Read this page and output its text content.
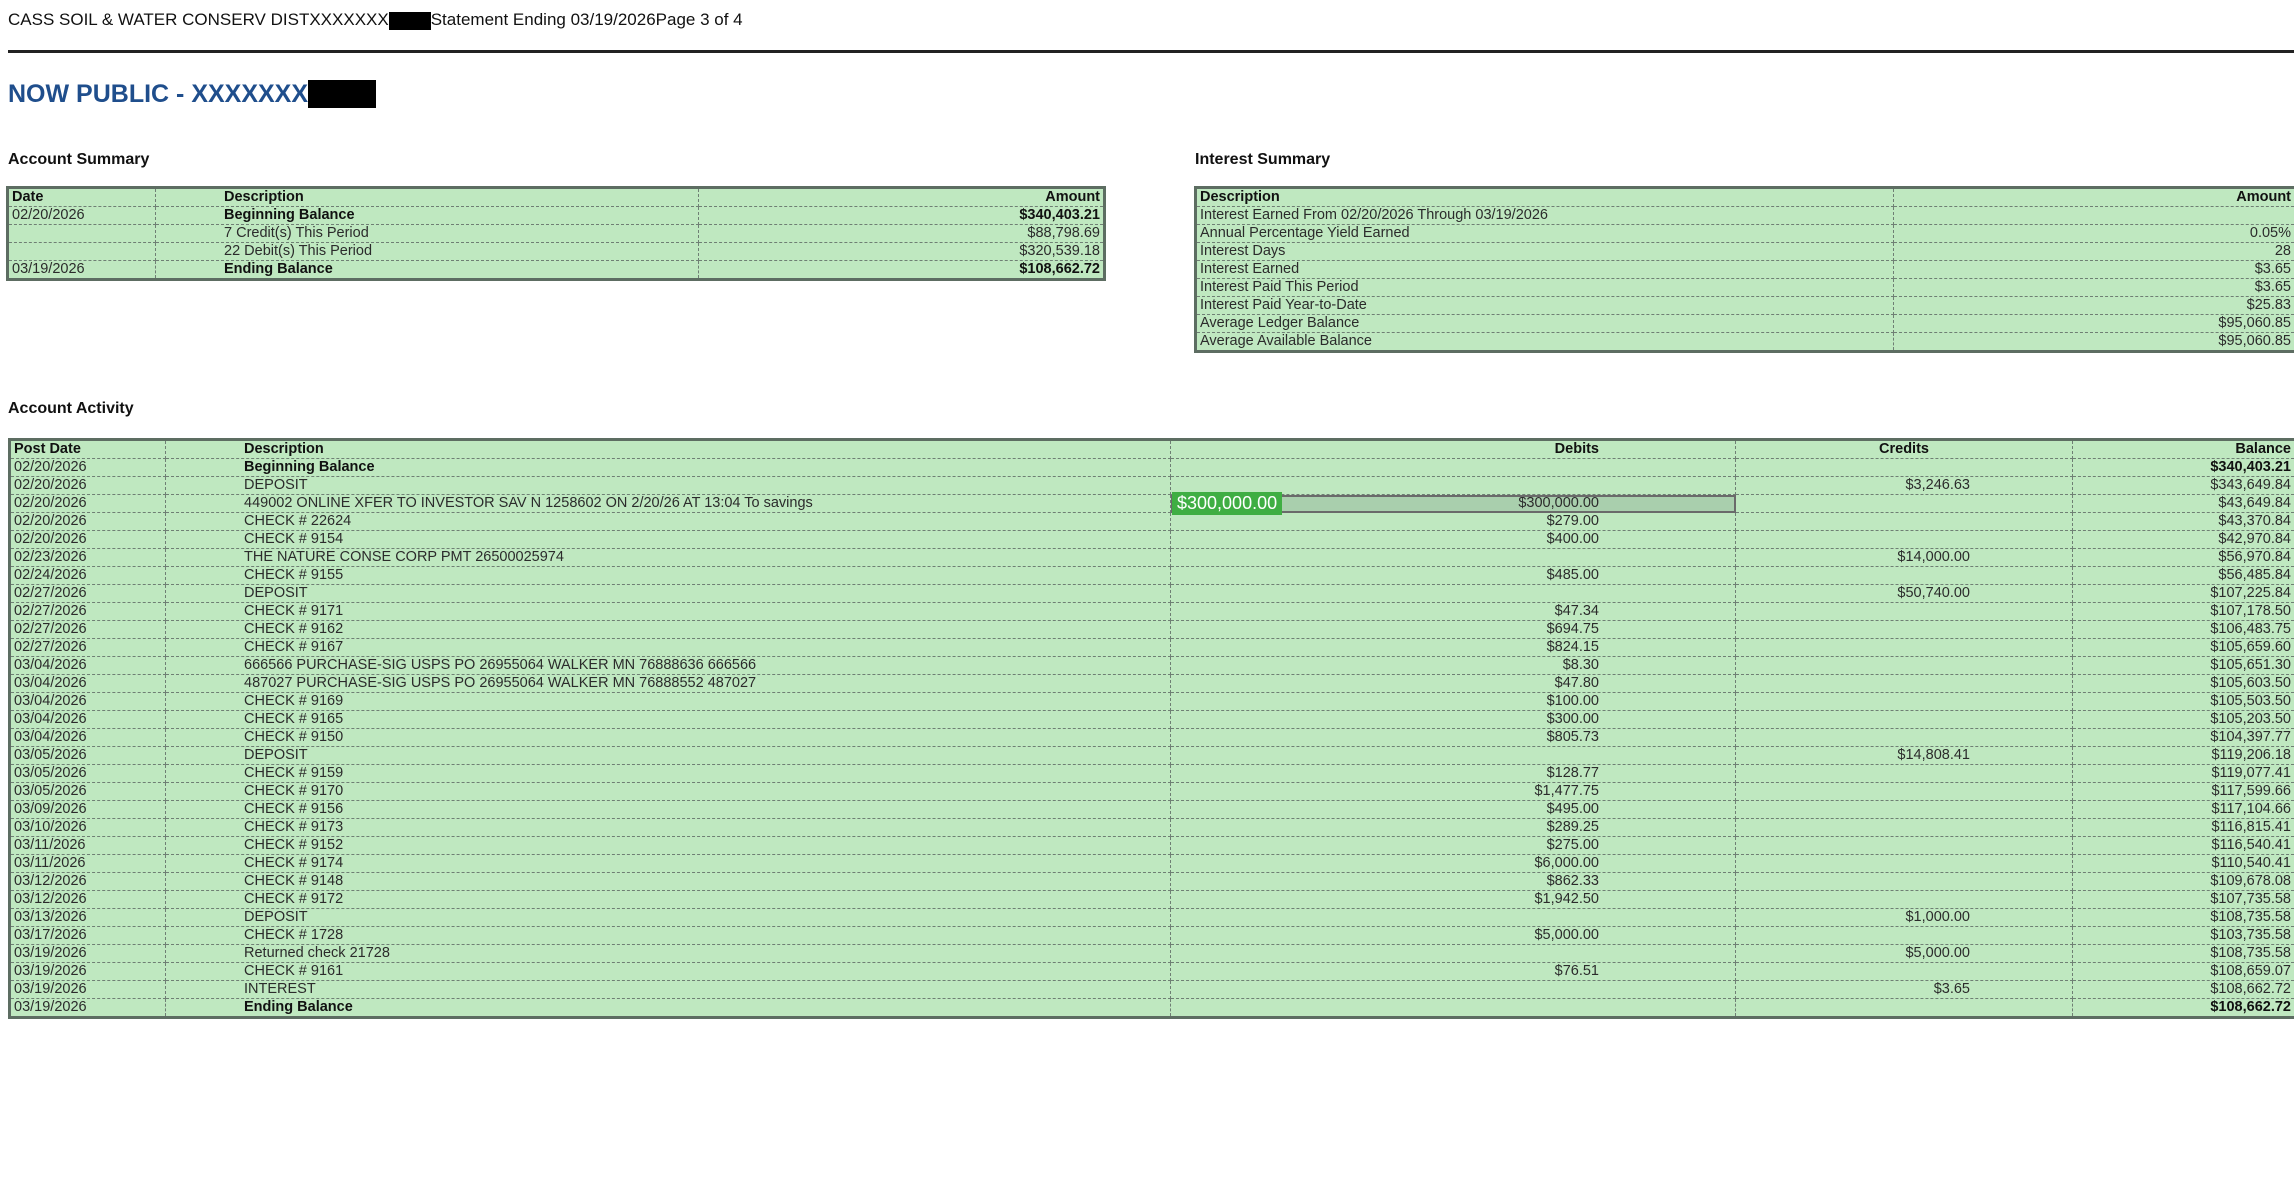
CASS SOIL & WATER CONSERV DISTXXXXXXX Statement Ending 03/19/2026Page 3 of 4
NOW PUBLIC - XXXXXXX
Account Summary
Date	Description	Amount
02/20/2026	Beginning Balance	$340,403.21
	7 Credit(s) This Period	$88,798.69
	22 Debit(s) This Period	$320,539.18
03/19/2026	Ending Balance	$108,662.72
Interest Summary
Description	Amount
Interest Earned From 02/20/2026 Through 03/19/2026	
Annual Percentage Yield Earned	0.05%
Interest Days	28
Interest Earned	$3.65
Interest Paid This Period	$3.65
Interest Paid Year-to-Date	$25.83
Average Ledger Balance	$95,060.85
Average Available Balance	$95,060.85
Account Activity
Post Date	Description	Debits	Credits	Balance
02/20/2026	Beginning Balance			$340,403.21
02/20/2026	DEPOSIT		$3,246.63	$343,649.84
02/20/2026	449002 ONLINE XFER TO INVESTOR SAV N 1258602 ON 2/20/26 AT 13:04 To savings	$300,000.00		$43,649.84
02/20/2026	CHECK # 22624	$279.00		$43,370.84
02/20/2026	CHECK # 9154	$400.00		$42,970.84
02/23/2026	THE NATURE CONSE CORP PMT 26500025974		$14,000.00	$56,970.84
02/24/2026	CHECK # 9155	$485.00		$56,485.84
02/27/2026	DEPOSIT		$50,740.00	$107,225.84
02/27/2026	CHECK # 9171	$47.34		$107,178.50
02/27/2026	CHECK # 9162	$694.75		$106,483.75
02/27/2026	CHECK # 9167	$824.15		$105,659.60
03/04/2026	666566 PURCHASE-SIG USPS PO 26955064 WALKER MN 76888636 666566	$8.30		$105,651.30
03/04/2026	487027 PURCHASE-SIG USPS PO 26955064 WALKER MN 76888552 487027	$47.80		$105,603.50
03/04/2026	CHECK # 9169	$100.00		$105,503.50
03/04/2026	CHECK # 9165	$300.00		$105,203.50
03/04/2026	CHECK # 9150	$805.73		$104,397.77
03/05/2026	DEPOSIT		$14,808.41	$119,206.18
03/05/2026	CHECK # 9159	$128.77		$119,077.41
03/05/2026	CHECK # 9170	$1,477.75		$117,599.66
03/09/2026	CHECK # 9156	$495.00		$117,104.66
03/10/2026	CHECK # 9173	$289.25		$116,815.41
03/11/2026	CHECK # 9152	$275.00		$116,540.41
03/11/2026	CHECK # 9174	$6,000.00		$110,540.41
03/12/2026	CHECK # 9148	$862.33		$109,678.08
03/12/2026	CHECK # 9172	$1,942.50		$107,735.58
03/13/2026	DEPOSIT		$1,000.00	$108,735.58
03/17/2026	CHECK # 1728	$5,000.00		$103,735.58
03/19/2026	Returned check 21728		$5,000.00	$108,735.58
03/19/2026	CHECK # 9161	$76.51		$108,659.07
03/19/2026	INTEREST		$3.65	$108,662.72
03/19/2026	Ending Balance			$108,662.72
$300,000.00
